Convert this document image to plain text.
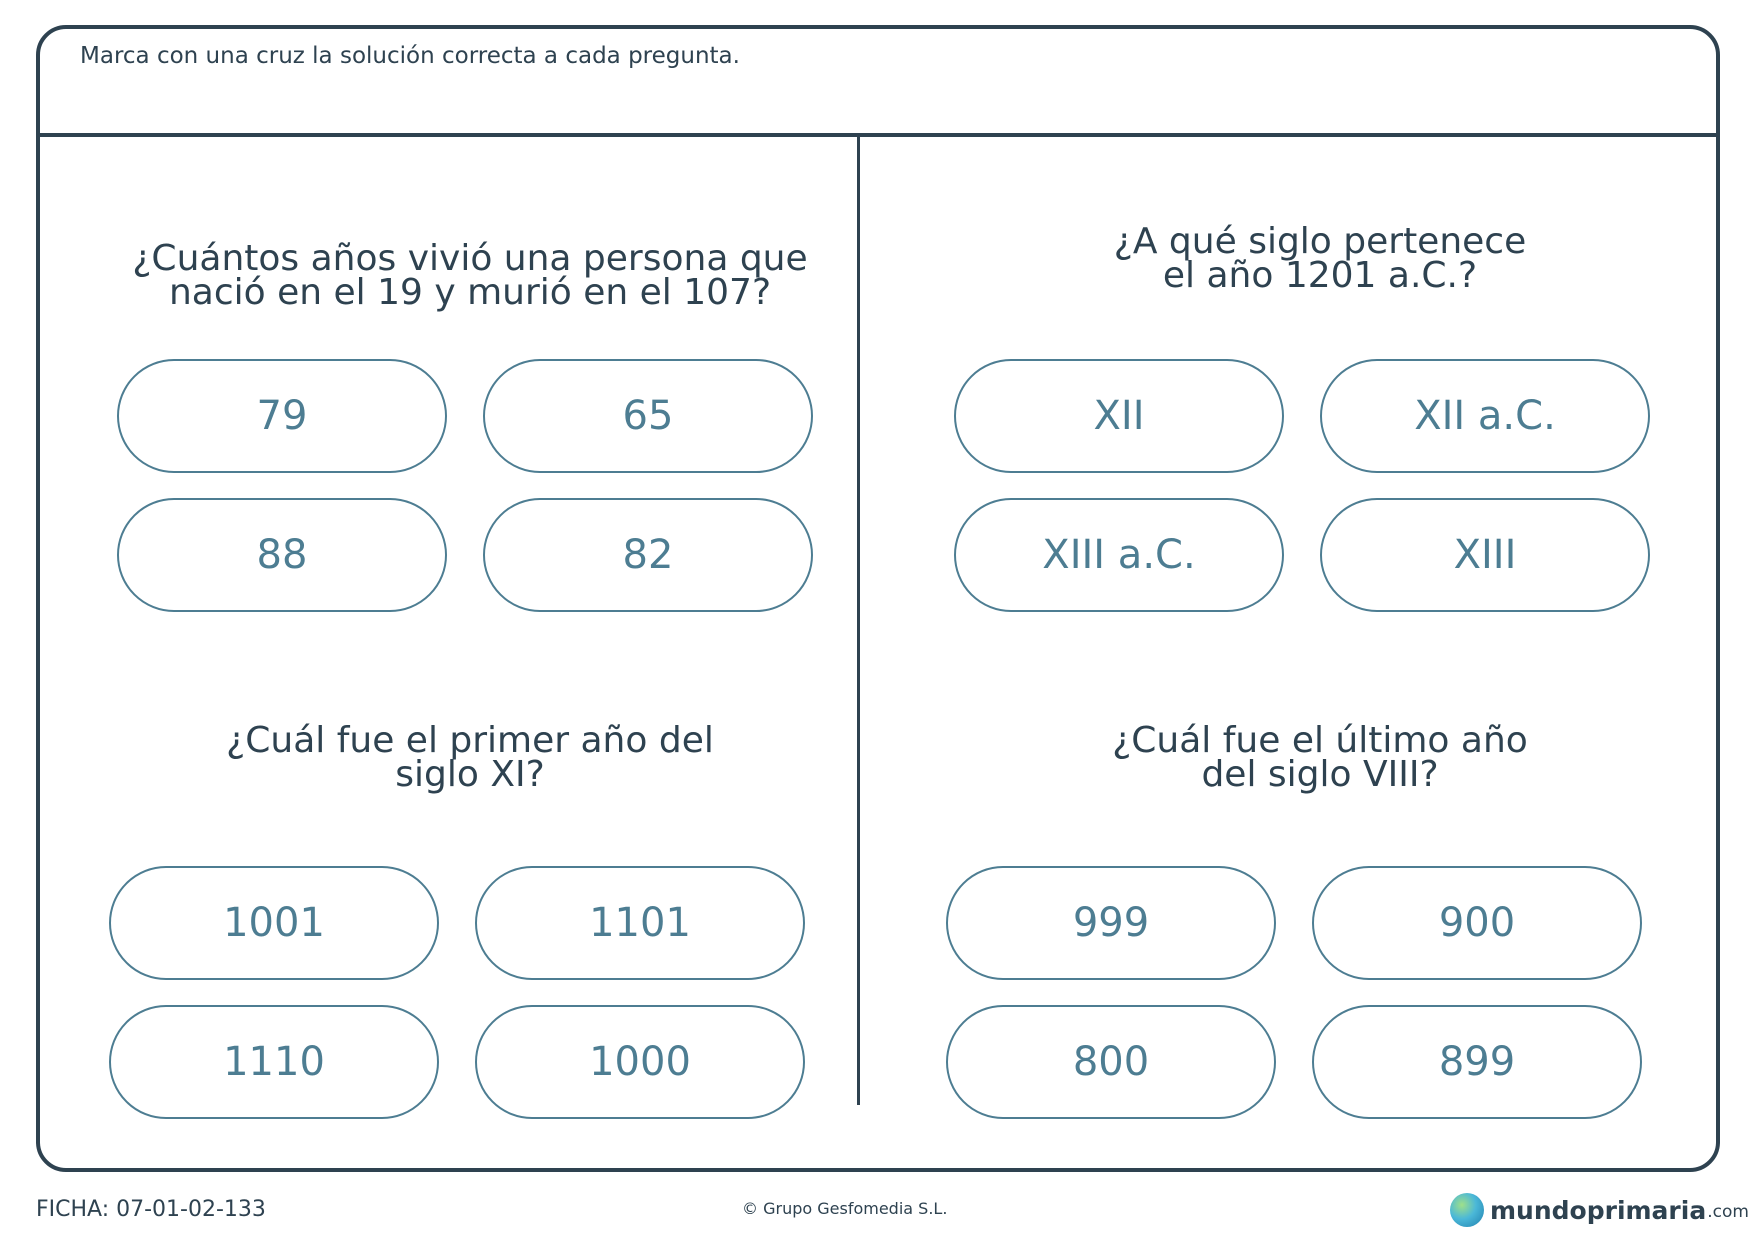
Marca con una cruz la solución correcta a cada pregunta.
¿Cuántos años vivió una persona que
nació en el 19 y murió en el 107?
79	65
88	82
¿A qué siglo pertenece
el año 1201 a.C.?
XII	XII a.C.
XIII a.C.	XIII
¿Cuál fue el primer año del
siglo XI?
1001	1101
1110	1000
¿Cuál fue el último año
del siglo VIII?
999	900
800	899
FICHA: 07-01-02-133	© Grupo Gesfomedia S.L.	mundoprimaria .com
